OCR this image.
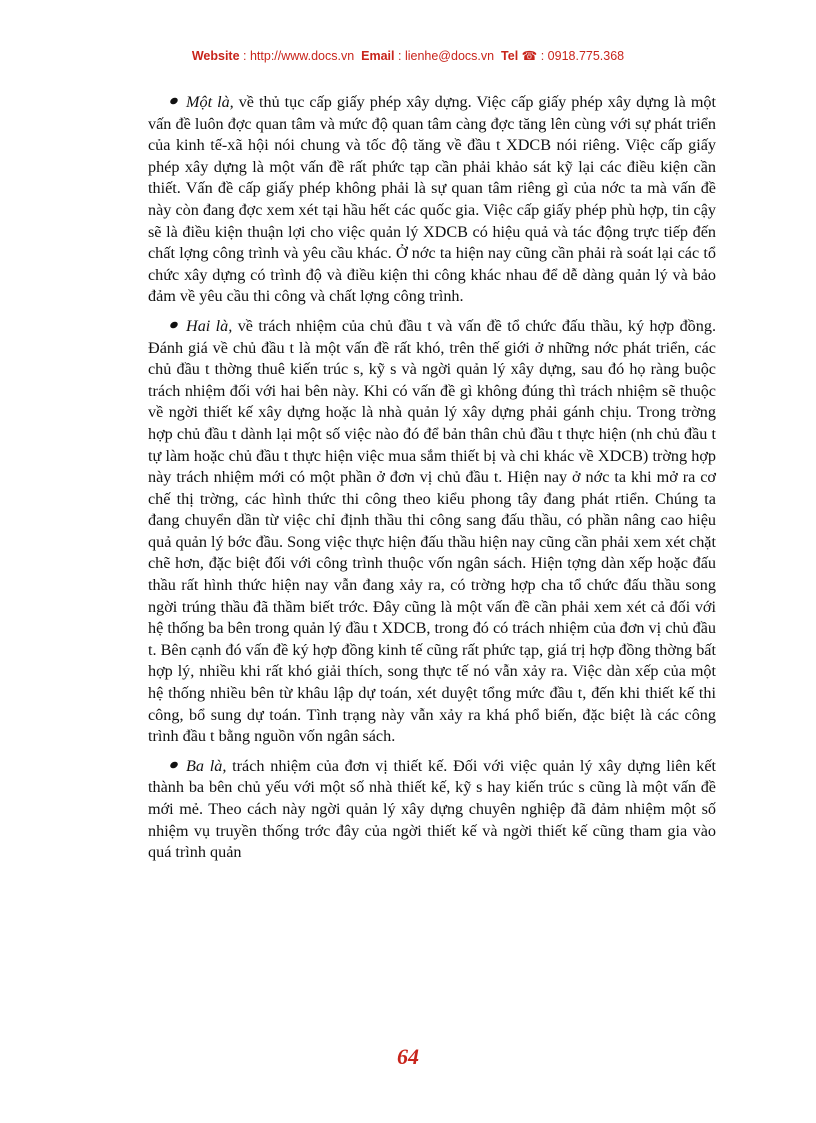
Website : http://www.docs.vn Email : lienhe@docs.vn Tel ☎ : 0918.775.368

Một là, về thủ tục cấp giấy phép xây dựng. Việc cấp giấy phép xây dựng là một vấn đề luôn đợc quan tâm và mức độ quan tâm càng đợc tăng lên cùng với sự phát triển của kinh tế-xã hội nói chung và tốc độ tăng về đầu t XDCB nói riêng. Việc cấp giấy phép xây dựng là một vấn đề rất phức tạp cần phải khảo sát kỹ lại các điều kiện cần thiết. Vấn đề cấp giấy phép không phải là sự quan tâm riêng gì của nớc ta mà vấn đề này còn đang đợc xem xét tại hầu hết các quốc gia. Việc cấp giấy phép phù hợp, tin cậy sẽ là điều kiện thuận lợi cho việc quản lý XDCB có hiệu quả và tác động trực tiếp đến chất lợng công trình và yêu cầu khác. Ở nớc ta hiện nay cũng cần phải rà soát lại các tổ chức xây dựng có trình độ và điều kiện thi công khác nhau để dễ dàng quản lý và bảo đảm về yêu cầu thi công và chất lợng công trình.

Hai là, về trách nhiệm của chủ đầu t và vấn đề tổ chức đấu thầu, ký hợp đồng. Đánh giá về chủ đầu t là một vấn đề rất khó, trên thế giới ở những nớc phát triển, các chủ đầu t thờng thuê kiến trúc s, kỹ s và ngời quản lý xây dựng, sau đó họ ràng buộc trách nhiệm đối với hai bên này. Khi có vấn đề gì không đúng thì trách nhiệm sẽ thuộc về ngời thiết kế xây dựng hoặc là nhà quản lý xây dựng phải gánh chịu. Trong trờng hợp chủ đầu t dành lại một số việc nào đó để bản thân chủ đầu t thực hiện (nh chủ đầu t tự làm hoặc chủ đầu t thực hiện việc mua sắm thiết bị và chi khác về XDCB) trờng hợp này trách nhiệm mới có một phần ở đơn vị chủ đầu t. Hiện nay ở nớc ta khi mở ra cơ chế thị trờng, các hình thức thi công theo kiểu phong tây đang phát rtiển. Chúng ta đang chuyển dần từ việc chỉ định thầu thi công sang đấu thầu, có phần nâng cao hiệu quả quản lý bớc đầu. Song việc thực hiện đấu thầu hiện nay cũng cần phải xem xét chặt chẽ hơn, đặc biệt đối với công trình thuộc vốn ngân sách. Hiện tợng dàn xếp hoặc đấu thầu rất hình thức hiện nay vẫn đang xảy ra, có trờng hợp cha tổ chức đấu thầu song ngời trúng thầu đã thầm biết trớc. Đây cũng là một vấn đề cần phải xem xét cả đối với hệ thống ba bên trong quản lý đầu t XDCB, trong đó có trách nhiệm của đơn vị chủ đầu t. Bên cạnh đó vấn đề ký hợp đồng kinh tế cũng rất phức tạp, giá trị hợp đồng thờng bất hợp lý, nhiều khi rất khó giải thích, song thực tế nó vẫn xảy ra. Việc dàn xếp của một hệ thống nhiều bên từ khâu lập dự toán, xét duyệt tổng mức đầu t, đến khi thiết kế thi công, bổ sung dự toán. Tình trạng này vẫn xảy ra khá phổ biến, đặc biệt là các công trình đầu t bằng nguồn vốn ngân sách.

Ba là, trách nhiệm của đơn vị thiết kế. Đối với việc quản lý xây dựng liên kết thành ba bên chủ yếu với một số nhà thiết kế, kỹ s hay kiến trúc s cũng là một vấn đề mới mẻ. Theo cách này ngời quản lý xây dựng chuyên nghiệp đã đảm nhiệm một số nhiệm vụ truyền thống trớc đây của ngời thiết kế và ngời thiết kế cũng tham gia vào quá trình quản

64
